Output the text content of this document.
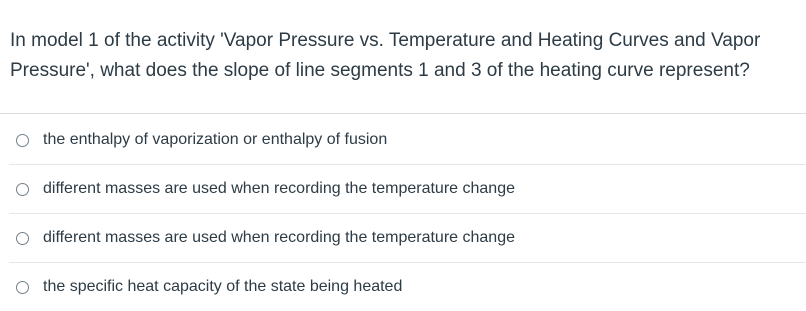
In model 1 of the activity 'Vapor Pressure vs. Temperature and Heating Curves and Vapor
Pressure', what does the slope of line segments 1 and 3 of the heating curve represent?

the enthalpy of vaporization or enthalpy of fusion
different masses are used when recording the temperature change
different masses are used when recording the temperature change
the specific heat capacity of the state being heated
